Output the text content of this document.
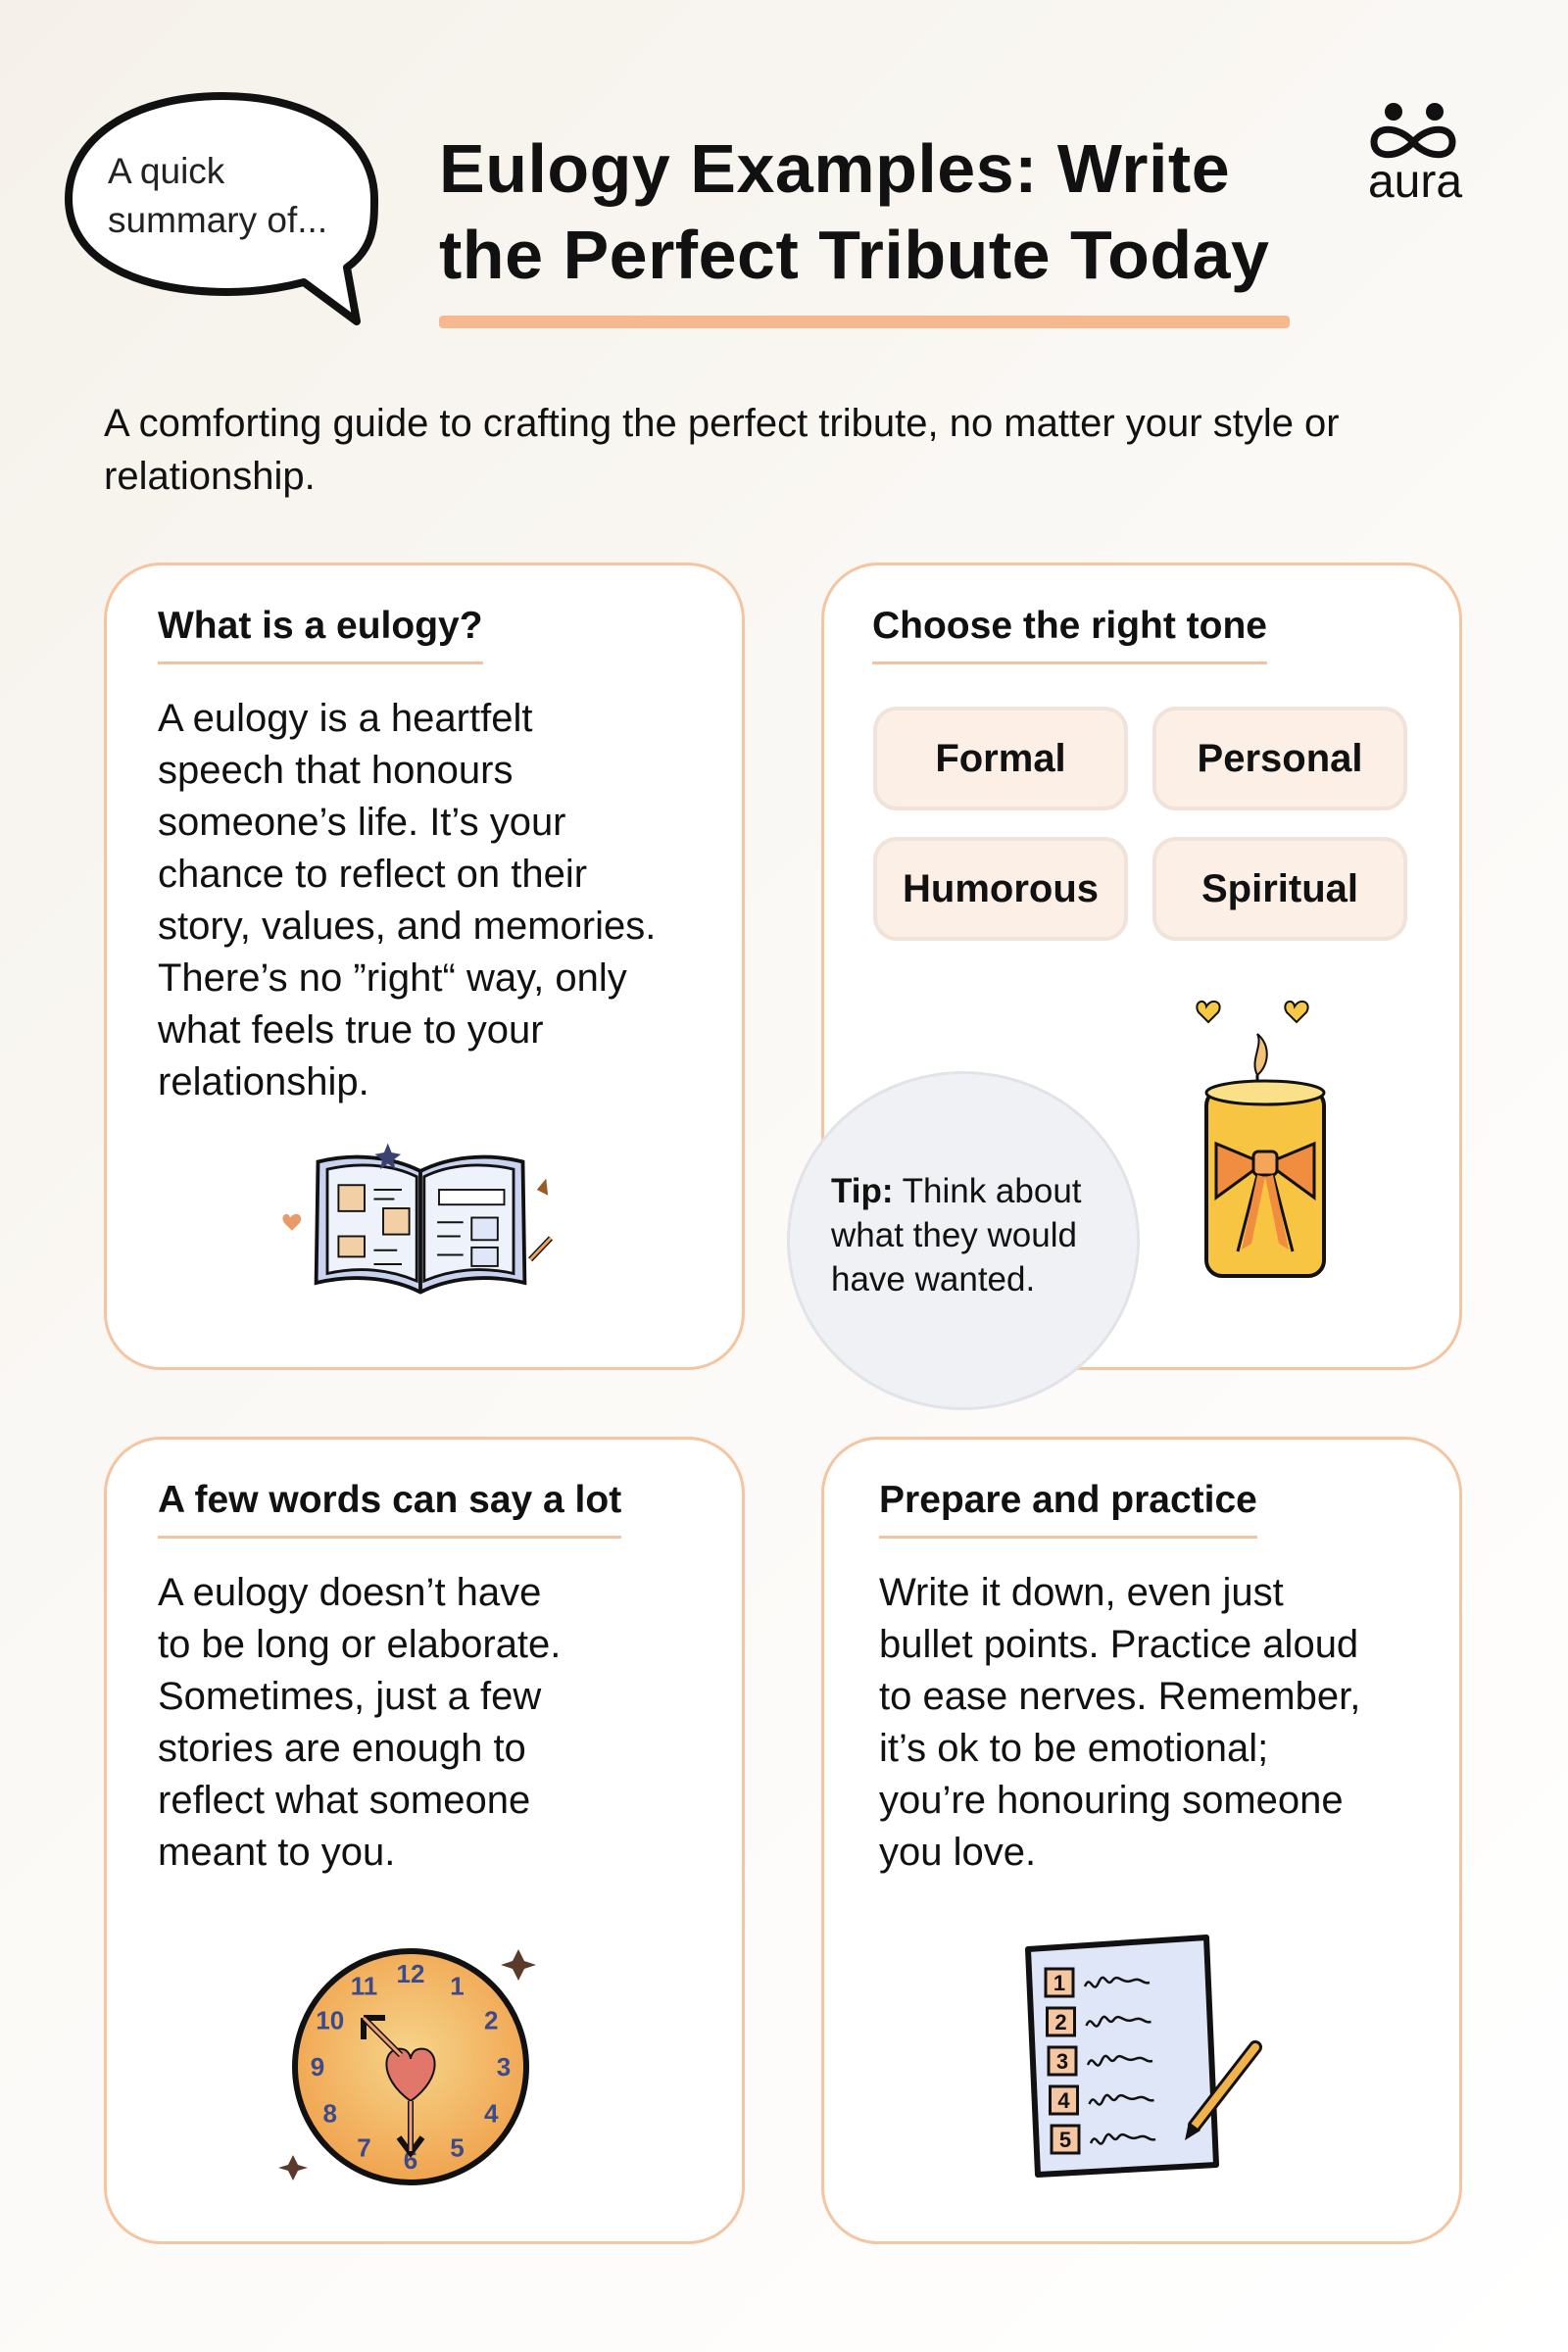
A quick summary of...
Eulogy Examples: Write
the Perfect Tribute Today
aura
A comforting guide to crafting the perfect tribute, no matter your style or relationship.
What is a eulogy?
A eulogy is a heartfelt
speech that honours
someone’s life. It’s your
chance to reflect on their
story, values, and memories.
There’s no ”right“ way, only
what feels true to your
relationship.
Choose the right tone
Formal	Personal
Humorous	Spiritual
Tip: Think about
what they would
have wanted.
A few words can say a lot
A eulogy doesn’t have
to be long or elaborate.
Sometimes, just a few
stories are enough to
reflect what someone
meant to you.
12 1
2
3
4
5
6
7
8
9
10
11
Prepare and practice
Write it down, even just
bullet points. Practice aloud
to ease nerves. Remember,
it’s ok to be emotional;
you’re honouring someone
you love.
1
2
3
4
5
